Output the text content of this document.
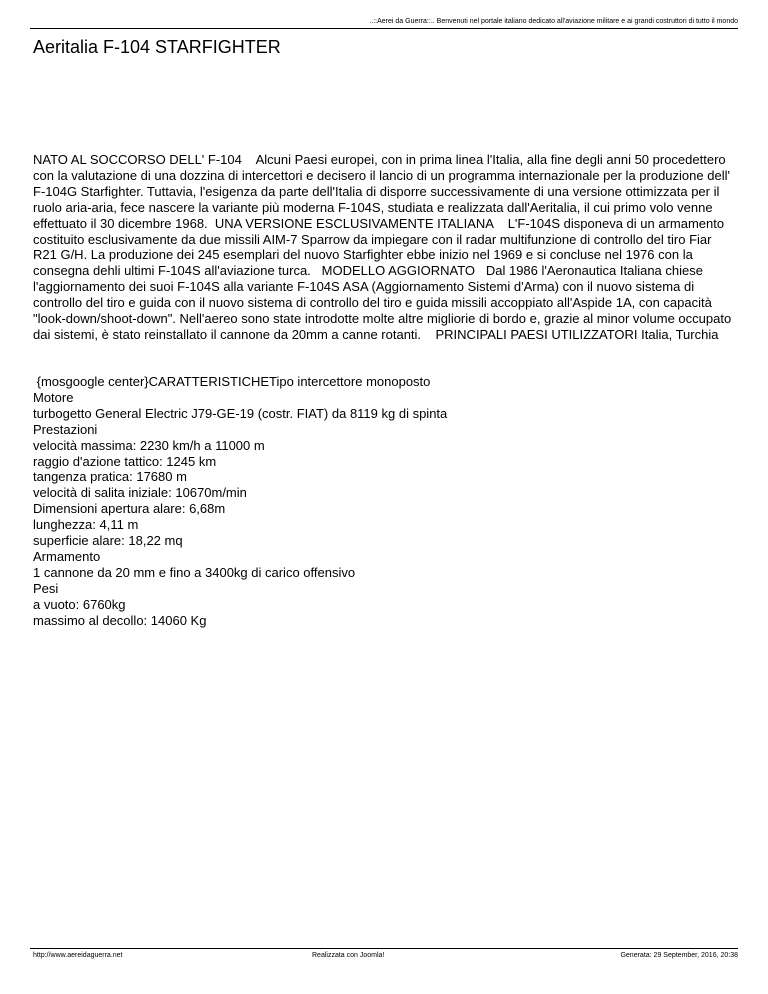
..::Aerei da Guerra::.. Benvenuti nel portale italiano dedicato all'aviazione militare e ai grandi costruttori di tutto il mondo
Aeritalia F-104 STARFIGHTER

NATO AL SOCCORSO DELL' F-104    Alcuni Paesi europei, con in prima linea l'Italia, alla fine degli anni 50 procedettero con la valutazione di una dozzina di intercettori e decisero il lancio di un programma internazionale per la produzione dell' F-104G Starfighter. Tuttavia, l'esigenza da parte dell'Italia di disporre successivamente di una versione ottimizzata per il ruolo aria-aria, fece nascere la variante più moderna F-104S, studiata e realizzata dall'Aeritalia, il cui primo volo venne effettuato il 30 dicembre 1968.  UNA VERSIONE ESCLUSIVAMENTE ITALIANA    L'F-104S disponeva di un armamento costituito esclusivamente da due missili AIM-7 Sparrow da impiegare con il radar multifunzione di controllo del tiro Fiar R21 G/H. La produzione dei 245 esemplari del nuovo Starfighter ebbe inizio nel 1969 e si concluse nel 1976 con la consegna dehli ultimi F-104S all'aviazione turca.   MODELLO AGGIORNATO   Dal 1986 l'Aeronautica Italiana chiese l'aggiornamento dei suoi F-104S alla variante F-104S ASA (Aggiornamento Sistemi d'Arma) con il nuovo sistema di controllo del tiro e guida con il nuovo sistema di controllo del tiro e guida missili accoppiato all'Aspide 1A, con capacità "look-down/shoot-down". Nell'aereo sono state introdotte molte altre migliorie di bordo e, grazie al minor volume occupato dai sistemi, è stato reinstallato il cannone da 20mm a canne rotanti.    PRINCIPALI PAESI UTILIZZATORI Italia, Turchia

{mosgoogle center}CARATTERISTICHETipo intercettore monoposto
Motore
turbogetto General Electric J79-GE-19 (costr. FIAT) da 8119 kg di spinta
Prestazioni
velocità massima: 2230 km/h a 11000 m
raggio d'azione tattico: 1245 km
tangenza pratica: 17680 m
velocità di salita iniziale: 10670m/min
Dimensioni apertura alare: 6,68m
lunghezza: 4,11 m
superficie alare: 18,22 mq
Armamento
1 cannone da 20 mm e fino a 3400kg di carico offensivo
Pesi
a vuoto: 6760kg
massimo al decollo: 14060 Kg
http://www.aereidaguerra.net	Realizzata con Joomla!	Generata: 29 September, 2016, 20:38
